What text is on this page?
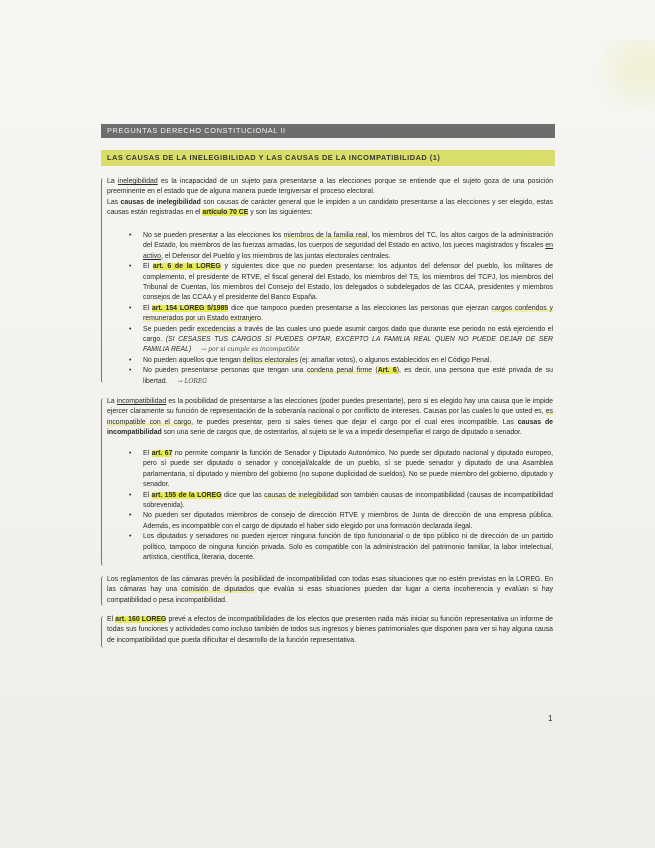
PREGUNTAS DERECHO CONSTITUCIONAL II
LAS CAUSAS DE LA INELEGIBILIDAD Y LAS CAUSAS DE LA INCOMPATIBILIDAD (1)

La inelegibilidad es la incapacidad de un sujeto para presentarse a las elecciones porque se entiende que el sujeto goza de una posición preeminente en el estado que de alguna manera puede tergiversar el proceso electoral.

Las causas de inelegibilidad son causas de carácter general que le impiden a un candidato presentarse a las elecciones y ser elegido, estas causas están registradas en el artículo 70 CE y son las siguientes:

• No se pueden presentar a las elecciones los miembros de la familia real, los miembros del TC, los altos cargos de la administración del Estado, los miembros de las fuerzas armadas, los cuerpos de seguridad del Estado en activo, los jueces magistrados y fiscales en activo, el Defensor del Pueblo y los miembros de las juntas electorales centrales.
• El art. 6 de la LOREG y siguientes dice que no pueden presentarse: los adjuntos del defensor del pueblo, los militares de complemento, el presidente de RTVE, el fiscal general del Estado, los miembros del TS, los miembros del TCPJ, los miembros del Tribunal de Cuentas, los miembros del Consejo del Estado, los delegados o subdelegados de las CCAA, presidentes y miembros consejos de las CCAA y el presidente del Banco España.
• El art. 154 LOREG 5/1985 dice que tampoco pueden presentarse a las elecciones las personas que ejerzan cargos conferidos y remunerados por un Estado extranjero.
• Se pueden pedir excedencias a través de las cuales uno puede asumir cargos dado que durante ese periodo no está ejerciendo el cargo. (SI CESASES TUS CARGOS SI PUEDES OPTAR, EXCEPTO LA FAMILIA REAL QUEN NO PUEDE DEJAR DE SER FAMILIA REAL) → por si cumple es incompatible
• No pueden aquellos que tengan delitos electorales (ej: amañar votos), o algunos establecidos en el Código Penal.
• No pueden presentarse personas que tengan una condena penal firme (Art. 6), es decir, una persona que esté privada de su libertad. → LOREG

La incompatibilidad es la posibilidad de presentarse a las elecciones (poder puedes presentarte), pero si es elegido hay una causa que le impide ejercer claramente su función de representación de la soberanía nacional o por conflicto de intereses. Causas por las cuales lo que usted es, es incompatible con el cargo, te puedes presentar, pero si sales tienes que dejar el cargo por el cual eres incompatible. Las causas de incompatibilidad son una serie de cargos que, de ostentarlos, al sujeto se le va a impedir desempeñar el cargo de diputado o senador.

• El art. 67 no permite compartir la función de Senador y Diputado Autonómico. No puede ser diputado nacional y diputado europeo, pero sí puede ser diputado o senador y concejal/alcalde de un pueblo, sí se puede senador y diputado de una Asamblea parlamentaria, sí diputado y miembro del gobierno (no supone duplicidad de sueldos). No se puede miembro del gobierno, diputado y senador.
• El art. 155 de la LOREG dice que las causas de inelegibilidad son también causas de incompatibilidad (causas de incompatibilidad sobrevenida).
• No pueden ser diputados miembros de consejo de dirección RTVE y miembros de Junta de dirección de una empresa pública. Además, es incompatible con el cargo de diputado el haber sido elegido por una formación declarada ilegal.
• Los diputados y senadores no pueden ejercer ninguna función de tipo funcionarial o de tipo público ni de dirección de un partido político, tampoco de ninguna función privada. Solo es compatible con la administración del patrimonio familiar, la labor intelectual, artística, científica, literaria, docente.

Los reglamentos de las cámaras prevén la posibilidad de incompatibilidad con todas esas situaciones que no estén previstas en la LOREG. En las cámaras hay una comisión de diputados que evalúa si esas situaciones pueden dar lugar a cierta incoherencia y evalúan si hay compatibilidad o pesa incompatibilidad.

El art. 160 LOREG prevé a efectos de incompatibilidades de los electos que presenten nada más iniciar su función representativa un informe de todas sus funciones y actividades como incluso también de todos sus ingresos y bienes patrimoniales que disponen para ver si hay alguna causa de incompatibilidad que pueda dificultar el desarrollo de la función representativa.

1
